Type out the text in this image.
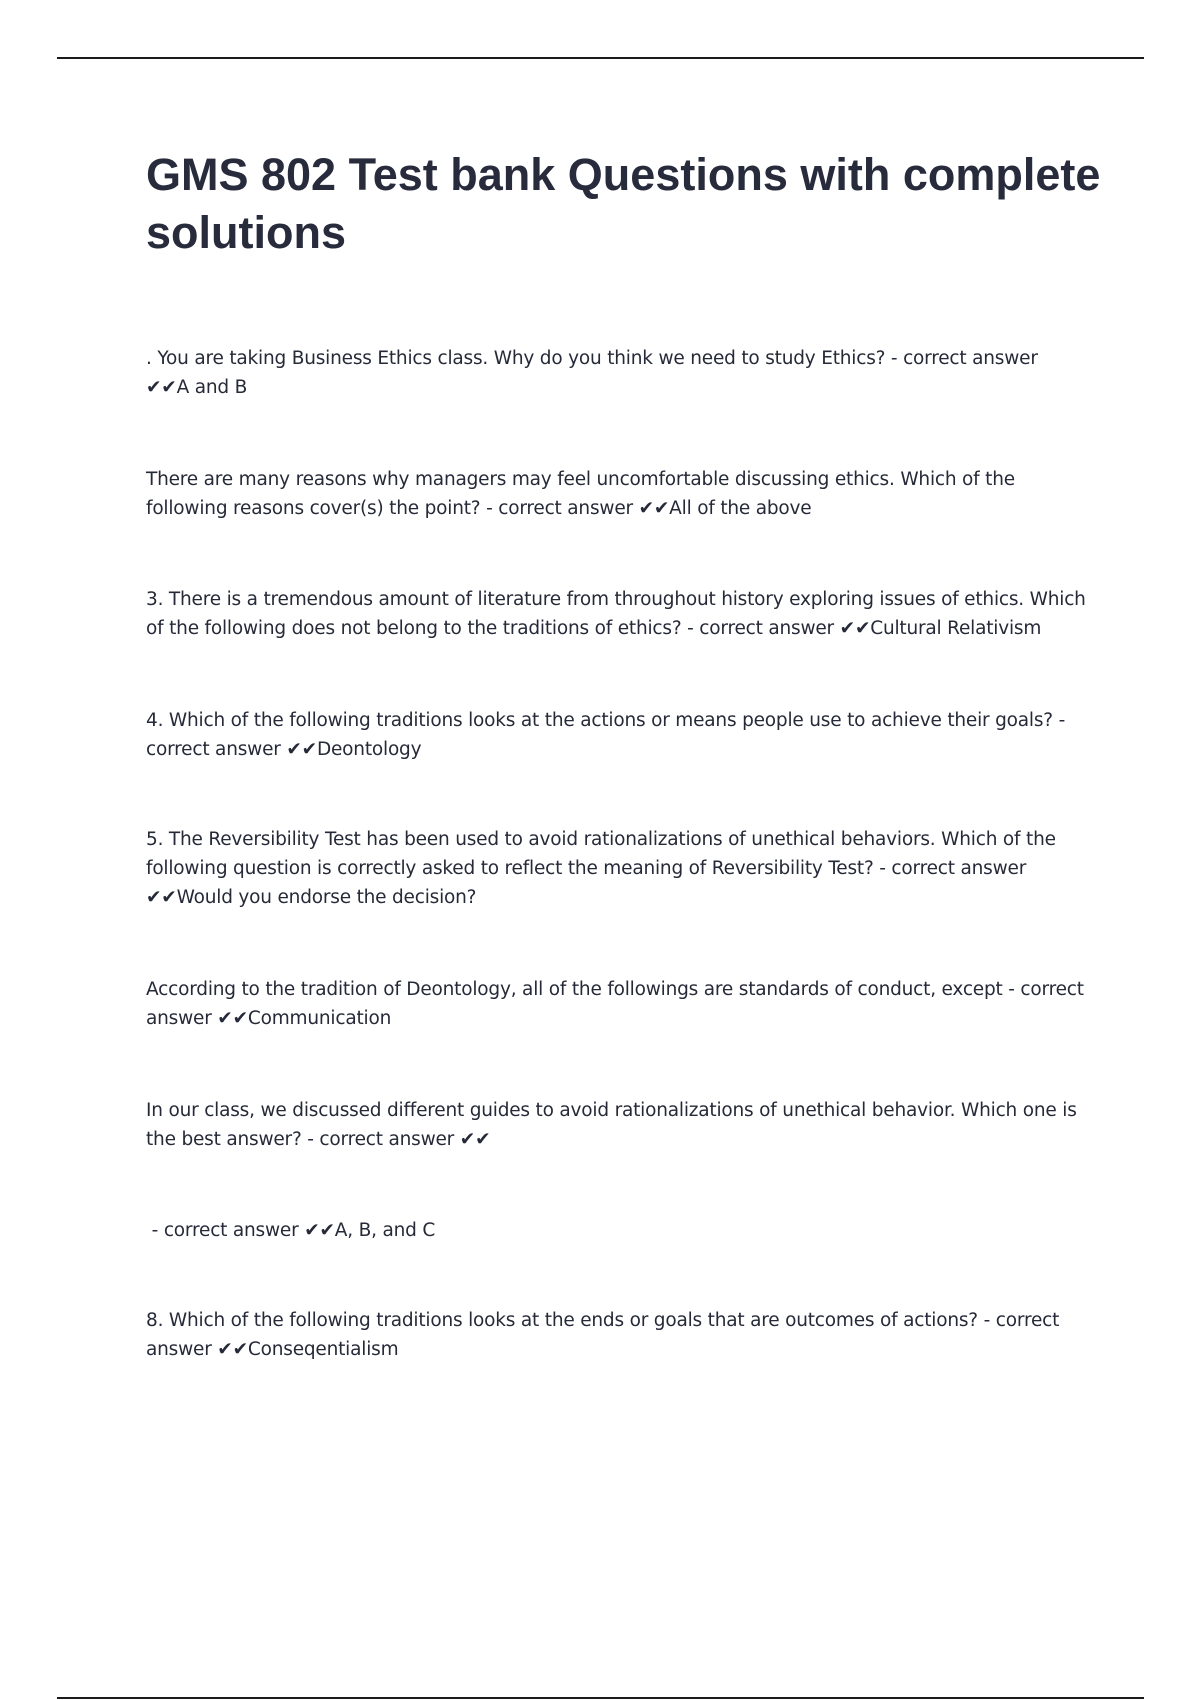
GMS 802 Test bank Questions with complete solutions

. You are taking Business Ethics class. Why do you think we need to study Ethics? - correct answer ✔✔A and B

There are many reasons why managers may feel uncomfortable discussing ethics. Which of the following reasons cover(s) the point? - correct answer ✔✔All of the above

3. There is a tremendous amount of literature from throughout history exploring issues of ethics. Which of the following does not belong to the traditions of ethics? - correct answer ✔✔Cultural Relativism

4. Which of the following traditions looks at the actions or means people use to achieve their goals? - correct answer ✔✔Deontology

5. The Reversibility Test has been used to avoid rationalizations of unethical behaviors. Which of the following question is correctly asked to reflect the meaning of Reversibility Test? - correct answer ✔✔Would you endorse the decision?

According to the tradition of Deontology, all of the followings are standards of conduct, except - correct answer ✔✔Communication

In our class, we discussed different guides to avoid rationalizations of unethical behavior. Which one is the best answer? - correct answer ✔✔

- correct answer ✔✔A, B, and C

8. Which of the following traditions looks at the ends or goals that are outcomes of actions? - correct answer ✔✔Conseqentialism
